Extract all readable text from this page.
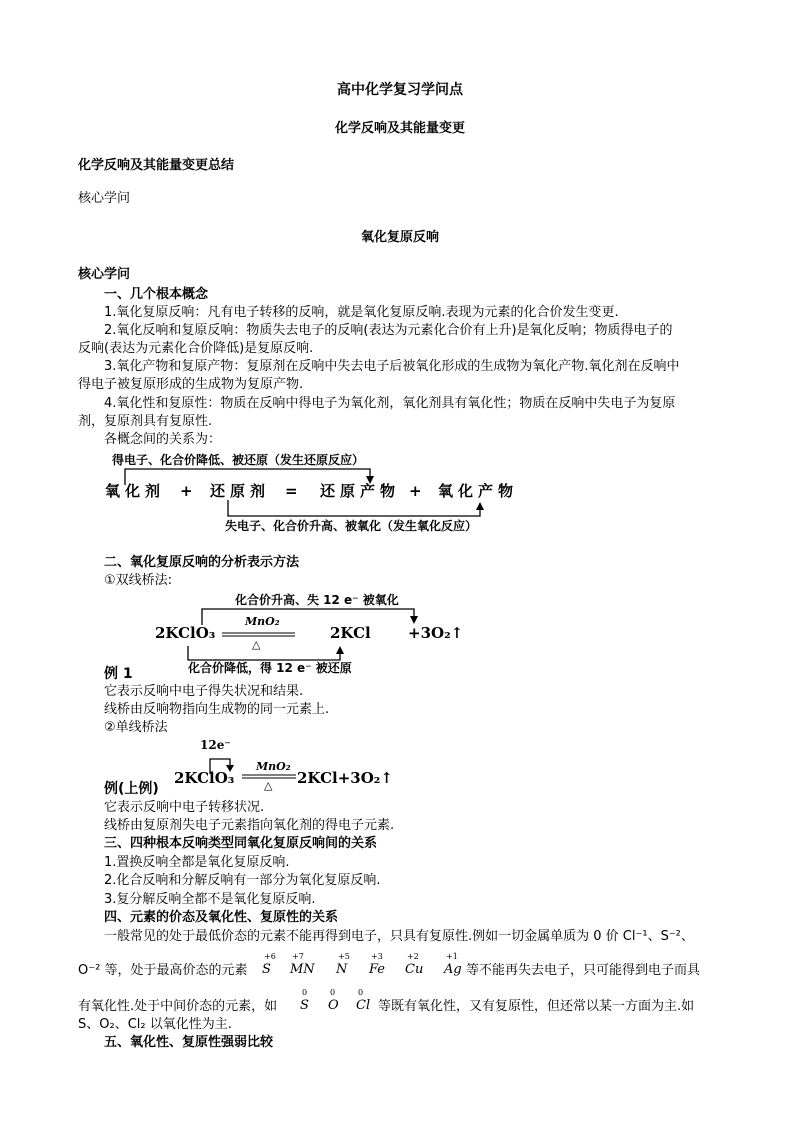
高中化学复习学问点
化学反响及其能量变更
化学反响及其能量变更总结
核心学问
氧化复原反响
核心学问
一、几个根本概念
1.氧化复原反响：凡有电子转移的反响，就是氧化复原反响.表现为元素的化合价发生变更.
2.氧化反响和复原反响：物质失去电子的反响(表达为元素化合价有上升)是氧化反响；物质得电子的
反响(表达为元素化合价降低)是复原反响.
3.氧化产物和复原产物：复原剂在反响中失去电子后被氧化形成的生成物为氧化产物.氧化剂在反响中
得电子被复原形成的生成物为复原产物.
4.氧化性和复原性：物质在反响中得电子为氧化剂，氧化剂具有氧化性；物质在反响中失电子为复原
剂，复原剂具有复原性.
各概念间的关系为：
得电子、化合价降低、被还原（发生还原反应）
氧化剂 + 还原剂 = 还原产物 + 氧化产物
失电子、化合价升高、被氧化（发生氧化反应）
二、氧化复原反响的分析表示方法
①双线桥法:
化合价升高、失 12 e⁻ 被氧化
2KClO₃
MnO₂
△
2KCl +3O₂↑
化合价降低，得 12 e⁻ 被还原
例 1
它表示反响中电子得失状况和结果.
线桥由反响物指向生成物的同一元素上.
②单线桥法
12e⁻
2KClO₃
MnO₂
△ 2KCl+3O₂↑
例(上例)
它表示反响中电子转移状况.
线桥由复原剂失电子元素指向氧化剂的得电子元素.
三、四种根本反响类型同氧化复原反响间的关系
1.置换反响全都是氧化复原反响.
2.化合反响和分解反响有一部分为氧化复原反响.
3.复分解反响全都不是氧化复原反响.
四、元素的价态及氧化性、复原性的关系
一般常见的处于最低价态的元素不能再得到电子，只具有复原性.例如一切金属单质为 0 价 Cl⁻¹、S⁻²、
O⁻² 等，处于最高价态的元素
+6
S
+7
MN
+5
N
+3
Fe
+2
Cu
+1
Ag 等不能再失去电子，只可能得到电子而具
有氧化性.处于中间价态的元素，如
0
S
0
O
0
Cl 等既有氧化性，又有复原性，但还常以某一方面为主.如
S、O₂、Cl₂ 以氧化性为主.
五、氧化性、复原性强弱比较
